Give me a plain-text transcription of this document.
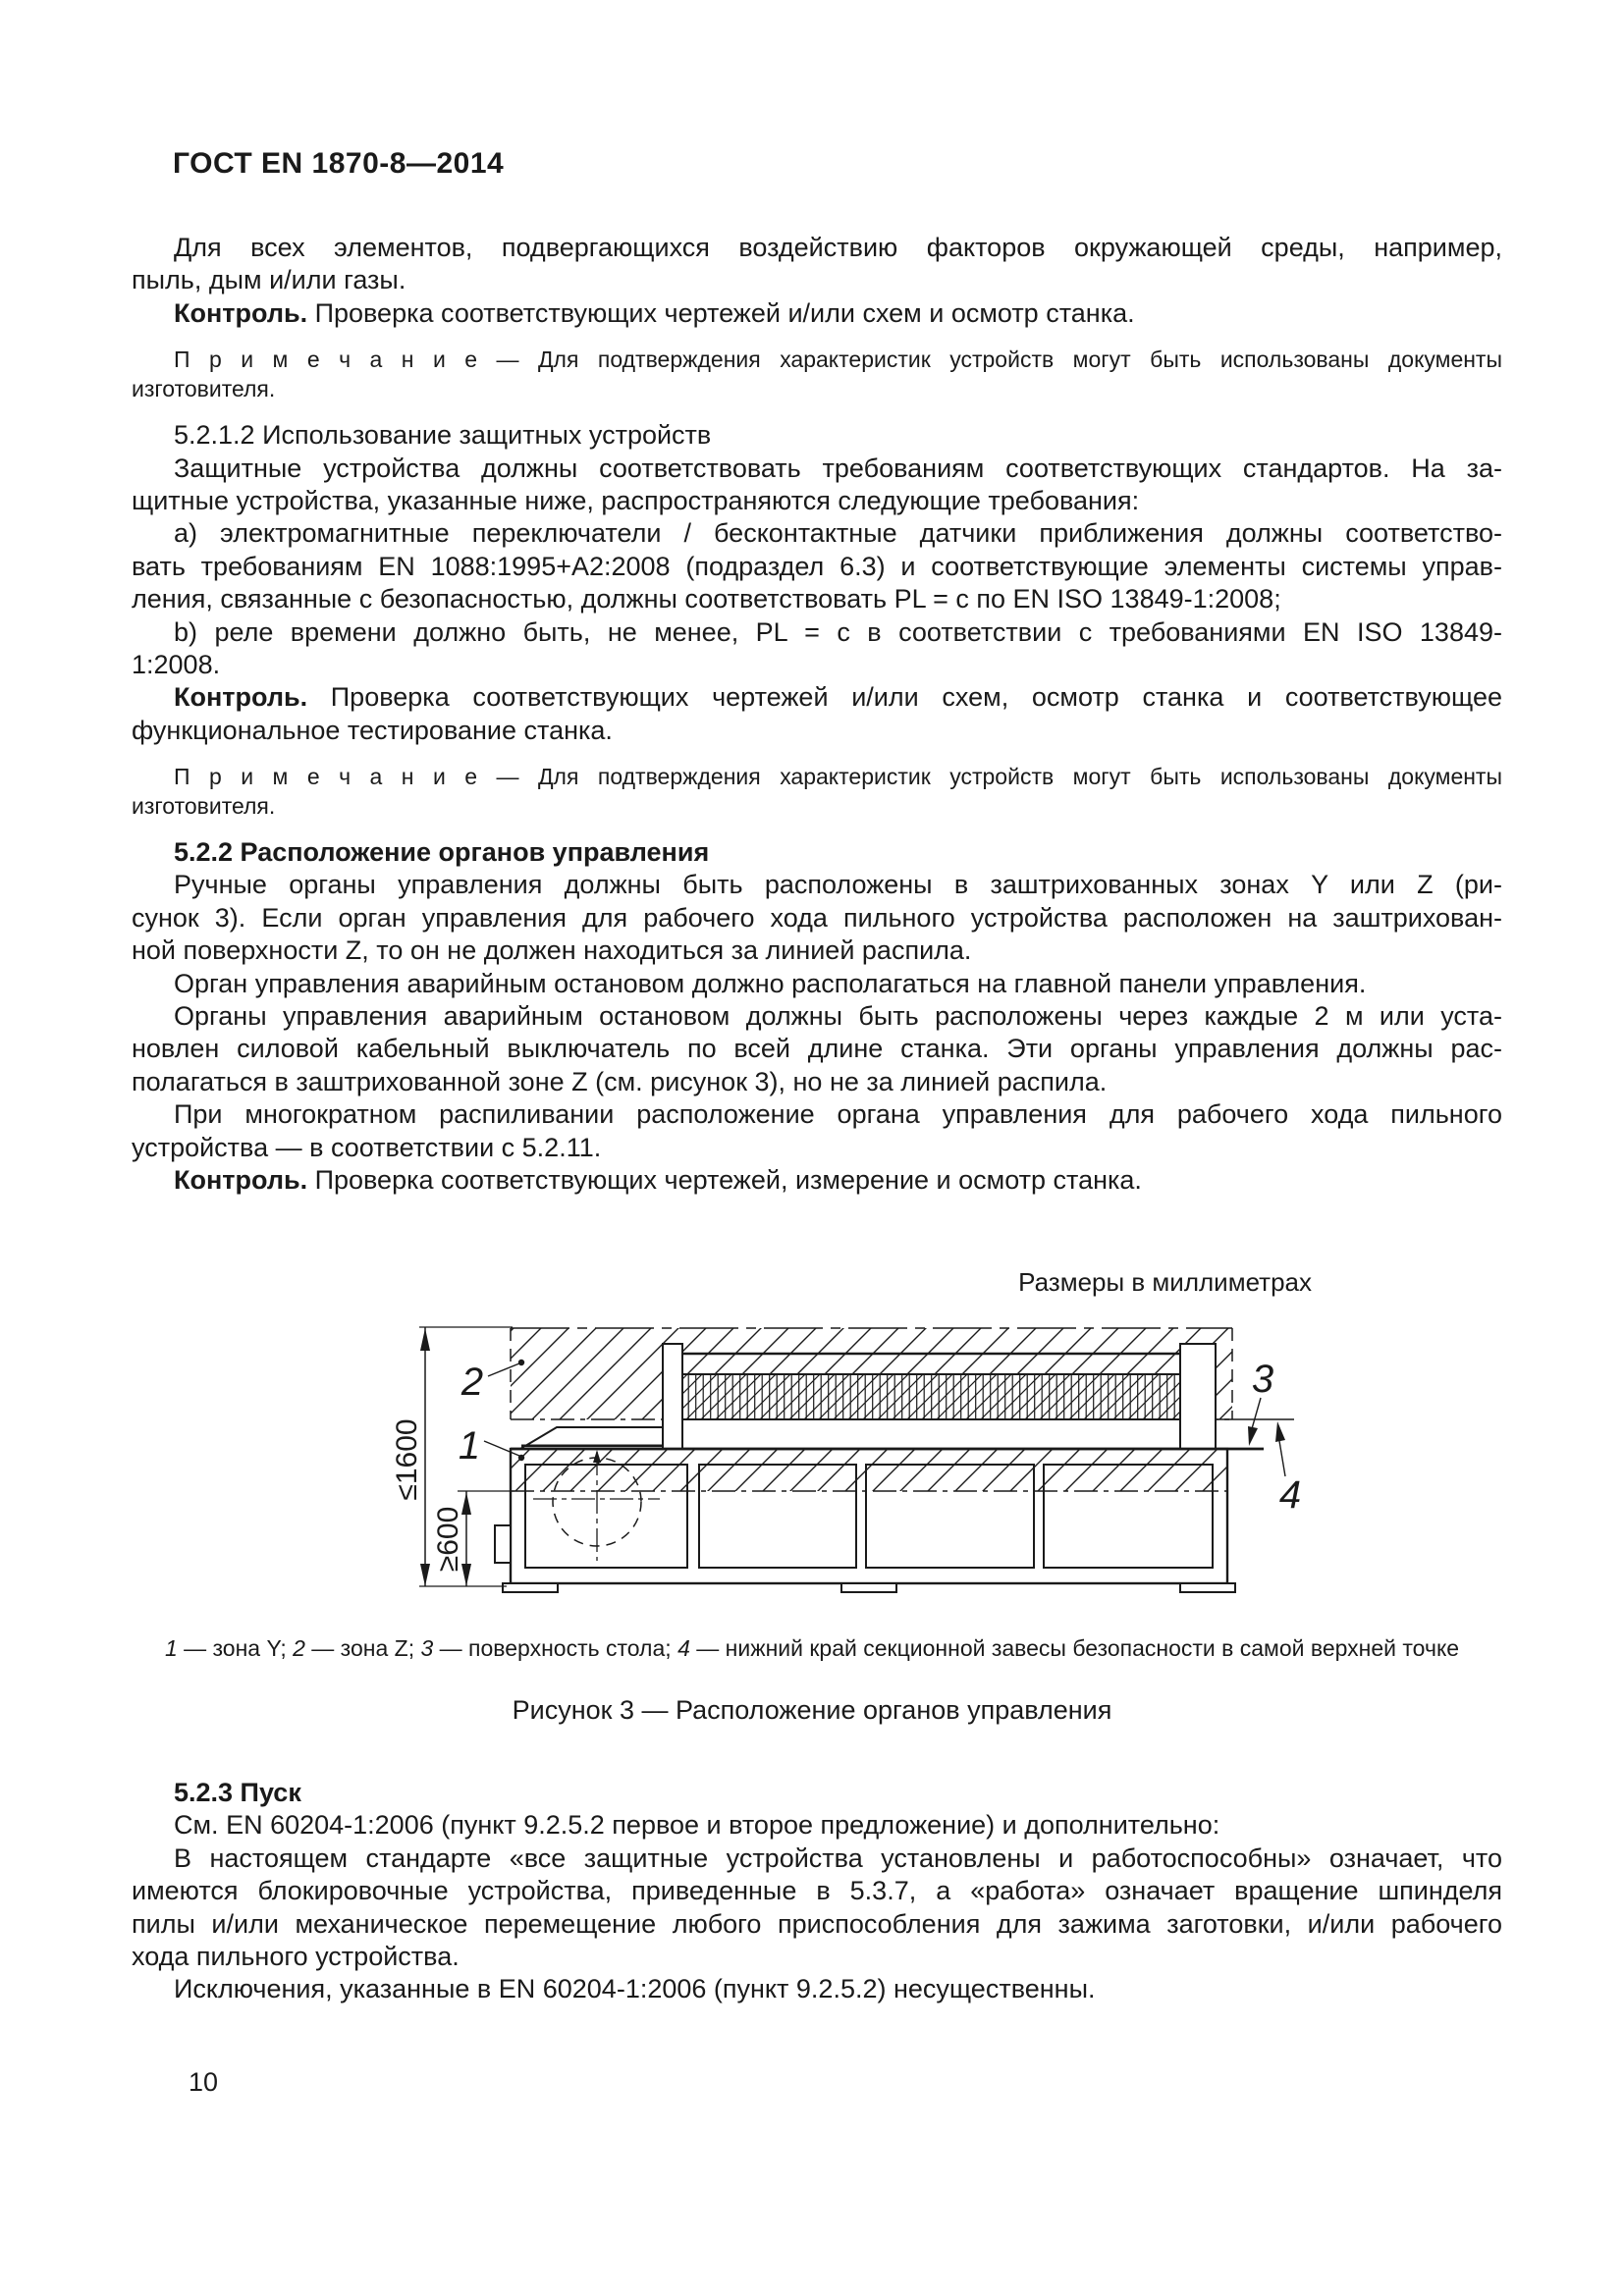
ГОСТ EN 1870-8—2014
Для всех элементов, подвергающихся воздействию факторов окружающей среды, например,
пыль, дым и/или газы.
Контроль. Проверка соответствующих чертежей и/или схем и осмотр станка.
П р и м е ч а н и е — Для подтверждения характеристик устройств могут быть использованы документы
изготовителя.
5.2.1.2 Использование защитных устройств
Защитные устройства должны соответствовать требованиям соответствующих стандартов. На за-
щитные устройства, указанные ниже, распространяются следующие требования:
a) электромагнитные переключатели / бесконтактные датчики приближения должны соответство-
вать требованиям EN 1088:1995+A2:2008 (подраздел 6.3) и соответствующие элементы системы управ-
ления, связанные с безопасностью, должны соответствовать PL = c по EN ISO 13849-1:2008;
b) реле времени должно быть, не менее, PL = c в соответствии с требованиями EN ISO 13849-
1:2008.
Контроль. Проверка соответствующих чертежей и/или схем, осмотр станка и соответствующее
функциональное тестирование станка.
П р и м е ч а н и е — Для подтверждения характеристик устройств могут быть использованы документы
изготовителя.
5.2.2 Расположение органов управления
Ручные органы управления должны быть расположены в заштрихованных зонах Y или Z (ри-
сунок 3). Если орган управления для рабочего хода пильного устройства расположен на заштрихован-
ной поверхности Z, то он не должен находиться за линией распила.
Орган управления аварийным остановом должно располагаться на главной панели управления.
Органы управления аварийным остановом должны быть расположены через каждые 2 м или уста-
новлен силовой кабельный выключатель по всей длине станка. Эти органы управления должны рас-
полагаться в заштрихованной зоне Z (см. рисунок 3), но не за линией распила.
При многократном распиливании расположение органа управления для рабочего хода пильного
устройства — в соответствии с 5.2.11.
Контроль. Проверка соответствующих чертежей, измерение и осмотр станка.
Размеры в миллиметрах
≤1600
≥600
2
1
3
4
1 — зона Y; 2 — зона Z; 3 — поверхность стола; 4 — нижний край секционной завесы безопасности в самой верхней точке
Рисунок 3 — Расположение органов управления
5.2.3 Пуск
См. EN 60204-1:2006 (пункт 9.2.5.2 первое и второе предложение) и дополнительно:
В настоящем стандарте «все защитные устройства установлены и работоспособны» означает, что
имеются блокировочные устройства, приведенные в 5.3.7, а «работа» означает вращение шпинделя
пилы и/или механическое перемещение любого приспособления для зажима заготовки, и/или рабочего
хода пильного устройства.
Исключения, указанные в EN 60204-1:2006 (пункт 9.2.5.2) несущественны.
10
